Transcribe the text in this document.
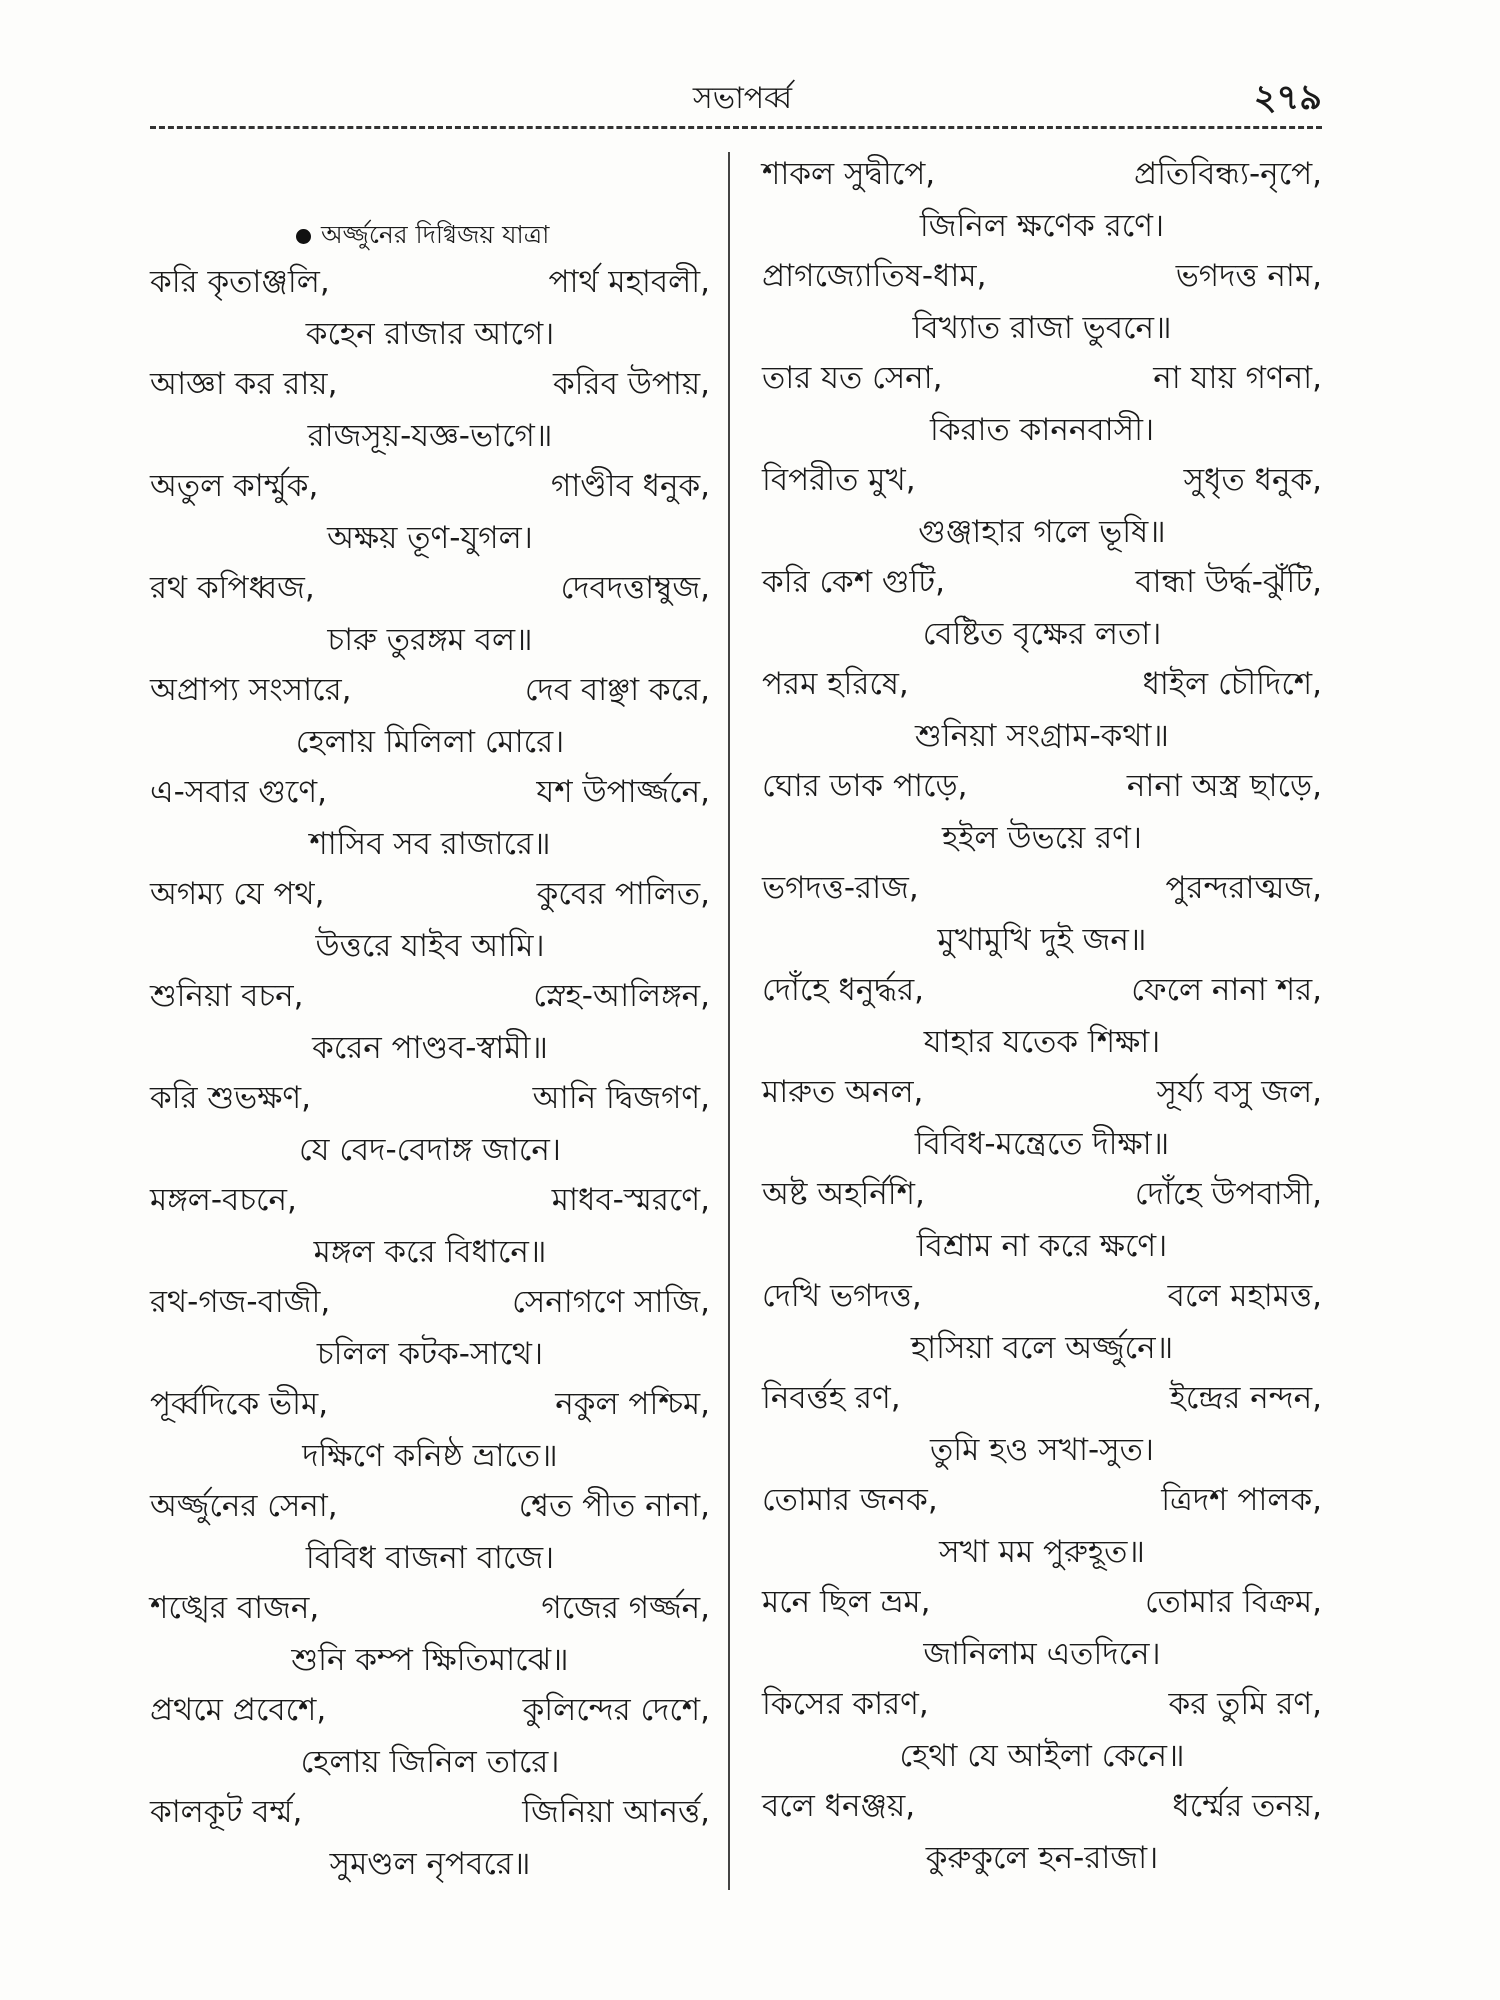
সভাপর্ব্ব	২৭৯
অর্জ্জুনের দিগ্বিজয় যাত্রা
করি কৃতাঞ্জলি,	পার্থ মহাবলী,
কহেন রাজার আগে।
আজ্ঞা কর রায়,	করিব উপায়,
রাজসূয়-যজ্ঞ-ভাগে॥
অতুল কার্ম্মুক,	গাণ্ডীব ধনুক,
অক্ষয় তূণ-যুগল।
রথ কপিধ্বজ,	দেবদত্তাম্বুজ,
চারু তুরঙ্গম বল॥
অপ্রাপ্য সংসারে,	দেব বাঞ্ছা করে,
হেলায় মিলিলা মোরে।
এ-সবার গুণে,	যশ উপার্জ্জনে,
শাসিব সব রাজারে॥
অগম্য যে পথ,	কুবের পালিত,
উত্তরে যাইব আমি।
শুনিয়া বচন,	স্নেহ-আলিঙ্গন,
করেন পাণ্ডব-স্বামী॥
করি শুভক্ষণ,	আনি দ্বিজগণ,
যে বেদ-বেদাঙ্গ জানে।
মঙ্গল-বচনে,	মাধব-স্মরণে,
মঙ্গল করে বিধানে॥
রথ-গজ-বাজী,	সেনাগণে সাজি,
চলিল কটক-সাথে।
পূর্ব্বদিকে ভীম,	নকুল পশ্চিম,
দক্ষিণে কনিষ্ঠ ভ্রাতে॥
অর্জ্জুনের সেনা,	শ্বেত পীত নানা,
বিবিধ বাজনা বাজে।
শঙ্খের বাজন,	গজের গর্জ্জন,
শুনি কম্প ক্ষিতিমাঝে॥
প্রথমে প্রবেশে,	কুলিন্দের দেশে,
হেলায় জিনিল তারে।
কালকূট বর্ম্ম,	জিনিয়া আনর্ত্ত,
সুমণ্ডল নৃপবরে॥
শাকল সুদ্বীপে,	প্রতিবিন্ধ্য-নৃপে,
জিনিল ক্ষণেক রণে।
প্রাগজ্যোতিষ-ধাম,	ভগদত্ত নাম,
বিখ্যাত রাজা ভুবনে॥
তার যত সেনা,	না যায় গণনা,
কিরাত কাননবাসী।
বিপরীত মুখ,	সুধৃত ধনুক,
গুঞ্জাহার গলে ভূষি॥
করি কেশ গুটি,	বান্ধা উর্দ্ধ-ঝুঁটি,
বেষ্টিত বৃক্ষের লতা।
পরম হরিষে,	ধাইল চৌদিশে,
শুনিয়া সংগ্রাম-কথা॥
ঘোর ডাক পাড়ে,	নানা অস্ত্র ছাড়ে,
হইল উভয়ে রণ।
ভগদত্ত-রাজ,	পুরন্দরাত্মজ,
মুখামুখি দুই জন॥
দোঁহে ধনুর্দ্ধর,	ফেলে নানা শর,
যাহার যতেক শিক্ষা।
মারুত অনল,	সূর্য্য বসু জল,
বিবিধ-মন্ত্রেতে দীক্ষা॥
অষ্ট অহর্নিশি,	দোঁহে উপবাসী,
বিশ্রাম না করে ক্ষণে।
দেখি ভগদত্ত,	বলে মহামত্ত,
হাসিয়া বলে অর্জ্জুনে॥
নিবর্ত্তহ রণ,	ইন্দ্রের নন্দন,
তুমি হও সখা-সুত।
তোমার জনক,	ত্রিদশ পালক,
সখা মম পুরুহূত॥
মনে ছিল ভ্রম,	তোমার বিক্রম,
জানিলাম এতদিনে।
কিসের কারণ,	কর তুমি রণ,
হেথা যে আইলা কেনে॥
বলে ধনঞ্জয়,	ধর্ম্মের তনয়,
কুরুকুলে হন-রাজা।
